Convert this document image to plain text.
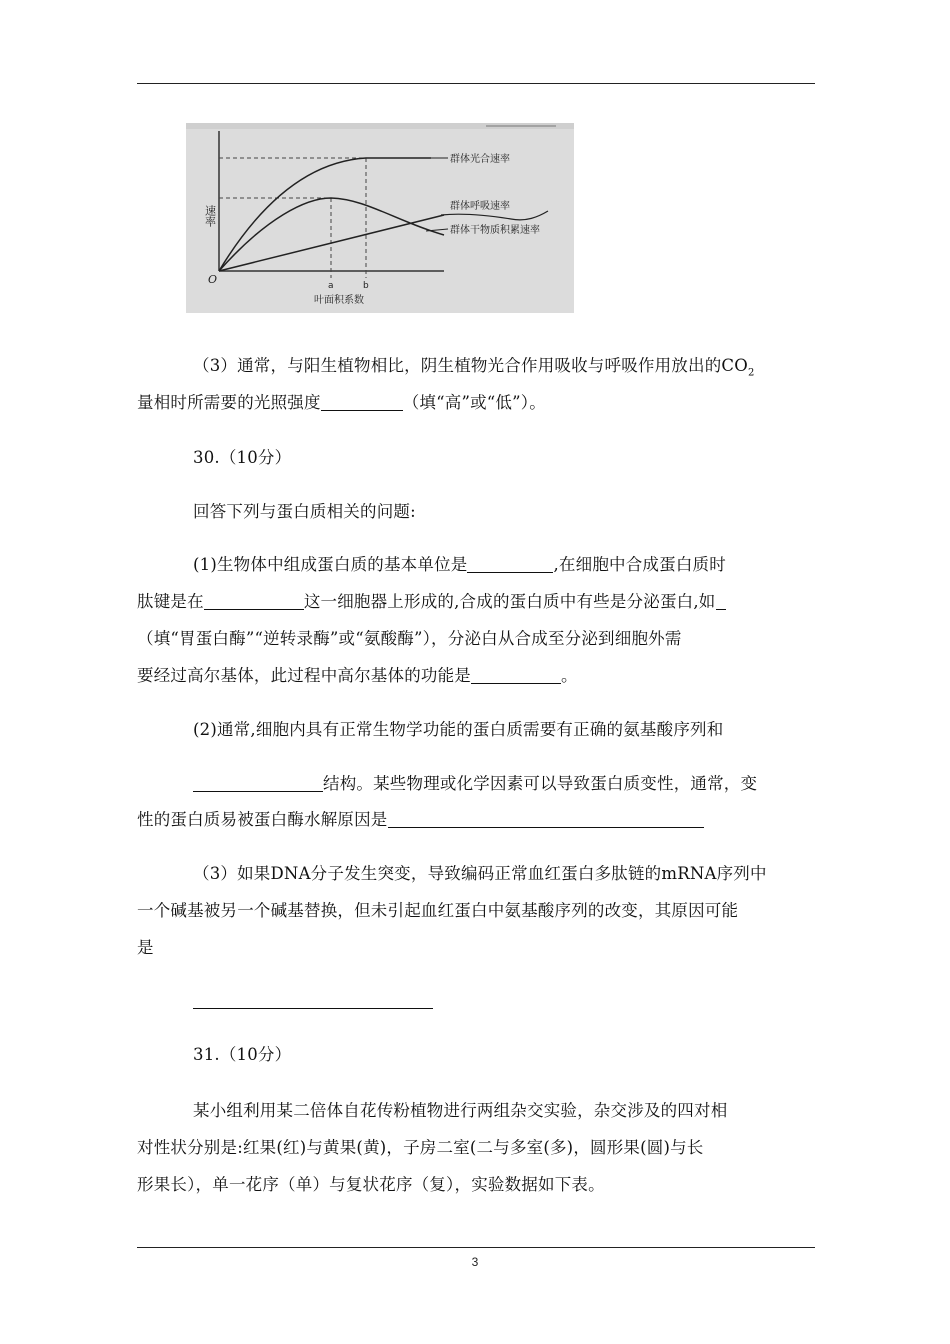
速率
O	a	b
叶面积系数
群体光合速率
群体呼吸速率
群体干物质积累速率
（3）通常，与阳生植物相比，阴生植物光合作用吸收与呼吸作用放出的$CO_2$
量相时所需要的光照强度	（填“高”或“低”）。
30.（10分）
回答下列与蛋白质相关的问题:
(1)生物体中组成蛋白质的基本单位是	,在细胞中合成蛋白质时
肽键是在	这一细胞器上形成的,合成的蛋白质中有些是分泌蛋白,如
（填“胃蛋白酶”“逆转录酶”或“氨酸酶”），分泌白从合成至分泌到细胞外需
要经过高尔基体，此过程中高尔基体的功能是	。
(2)通常,细胞内具有正常生物学功能的蛋白质需要有正确的氨基酸序列和
结构。某些物理或化学因素可以导致蛋白质变性，通常，变
性的蛋白质易被蛋白酶水解原因是
（3）如果DNA分子发生突变，导致编码正常血红蛋白多肽链的mRNA序列中
一个碱基被另一个碱基替换，但未引起血红蛋白中氨基酸序列的改变，其原因可能
是
31.（10分）
某小组利用某二倍体自花传粉植物进行两组杂交实验，杂交涉及的四对相
对性状分别是:红果(红)与黄果(黄)，子房二室(二与多室(多)，圆形果(圆)与长
形果长），单一花序（单）与复状花序（复），实验数据如下表。
3
